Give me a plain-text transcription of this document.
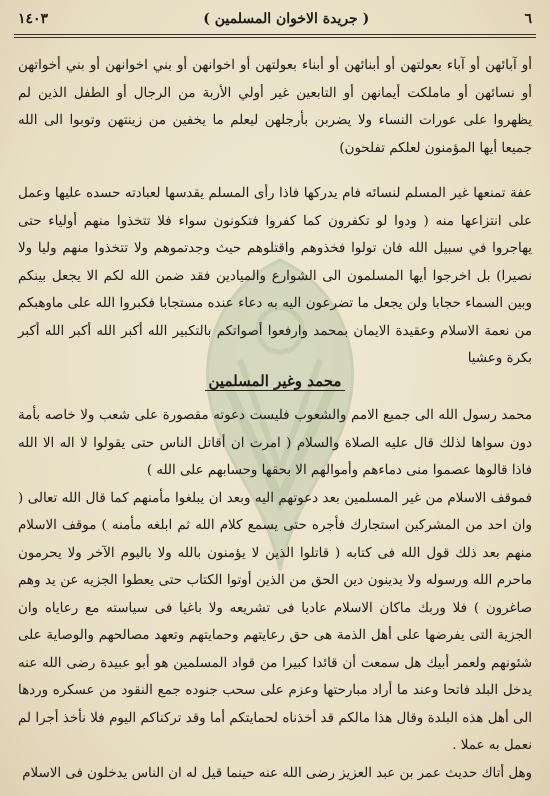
٦
( جريدة الاخوان المسلمين )
١٤٠٣

أو آبائهن أو آباء بعولتهن أو أبنائهن أو أبناء بعولتهن أو اخوانهن أو بني اخوانهن أو بني أخواتهن أو نسائهن أو ماملكت أيمانهن أو التابعين غير أولي الأربة من الرجال أو الطفل الذين لم يظهروا على عورات النساء ولا يضربن بأرجلهن ليعلم ما يخفين من زينتهن وتوبوا الى الله جميعا أيها المؤمنون لعلكم تفلحون)

عفة تمنعها غير المسلم لنسائه فام يدركها فاذا رأى المسلم يقدسها لعبادته حسده عليها وعمل على انتزاعها منه ( ودوا لو تكفرون كما كفروا فتكونون سواء فلا تتخذوا منهم أولياء حتى يهاجروا في سبيل الله فان تولوا فخذوهم واقتلوهم حيث وجدتموهم ولا تتخذوا منهم وليا ولا نصيرا) بل اخرجوا أيها المسلمون الى الشوارع والميادين فقد ضمن الله لكم الا يجعل بينكم وبين السماء حجابا ولن يجعل ما تضرعون اليه به دعاء عنده مستجابا فكبروا الله على ماوهبكم من نعمة الاسلام وعقيدة الايمان بمحمد وارفعوا أصواتكم بالتكبير الله أكبر الله أكبر الله أكبر بكرة وعشيا

محمد وغير المسلمين

محمد رسول الله الى جميع الامم والشعوب فليست دعوته مقصورة على شعب ولا خاصه بأمة دون سواها لذلك قال عليه الصلاة والسلام ( امرت ان أقاتل الناس حتى يقولوا لا اله الا الله فاذا قالوها عصموا منى دماءهم وأموالهم الا بحقها وحسابهم على الله )

فموقف الاسلام من غير المسلمين بعد دعوتهم اليه وبعد ان يبلغوا مأمنهم كما قال الله تعالى ( وان احد من المشركين استجارك فأجره حتى يسمع كلام الله ثم ابلغه مأمنه ) موقف الاسلام منهم بعد ذلك قول الله فى كتابه ( قاتلوا الذين لا يؤمنون بالله ولا باليوم الآخر ولا يحرمون ماحرم الله ورسوله ولا يدينون دين الحق من الذين أوتوا الكتاب حتى يعطوا الجزيه عن يد وهم صاغرون ) فلا وربك ماكان الاسلام عاديا فى تشريعه ولا باغيا فى سياسته مع رعاياه وان الجزية التى يفرضها على أهل الذمة هى حق رعايتهم وحمايتهم وتعهد مصالحهم والوصاية على شئونهم ولعمر أبيك هل سمعت أن قائدا كبيرا من قواد المسلمين هو أبو عبيدة رضى الله عنه يدخل البلد فاتحا وعند ما أراد مبارحتها وعزم على سحب جنوده جمع النقود من عسكره وردها الى أهل هذه البلدة وقال هذا مالكم قد أخذناه لحمايتكم أما وقد تركناكم اليوم فلا نأخذ أجرا لم نعمل به عملا .

وهل أتاك حديث عمر بن عبد العزيز رضى الله عنه حينما قيل له ان الناس يدخلون فى الاسلام
